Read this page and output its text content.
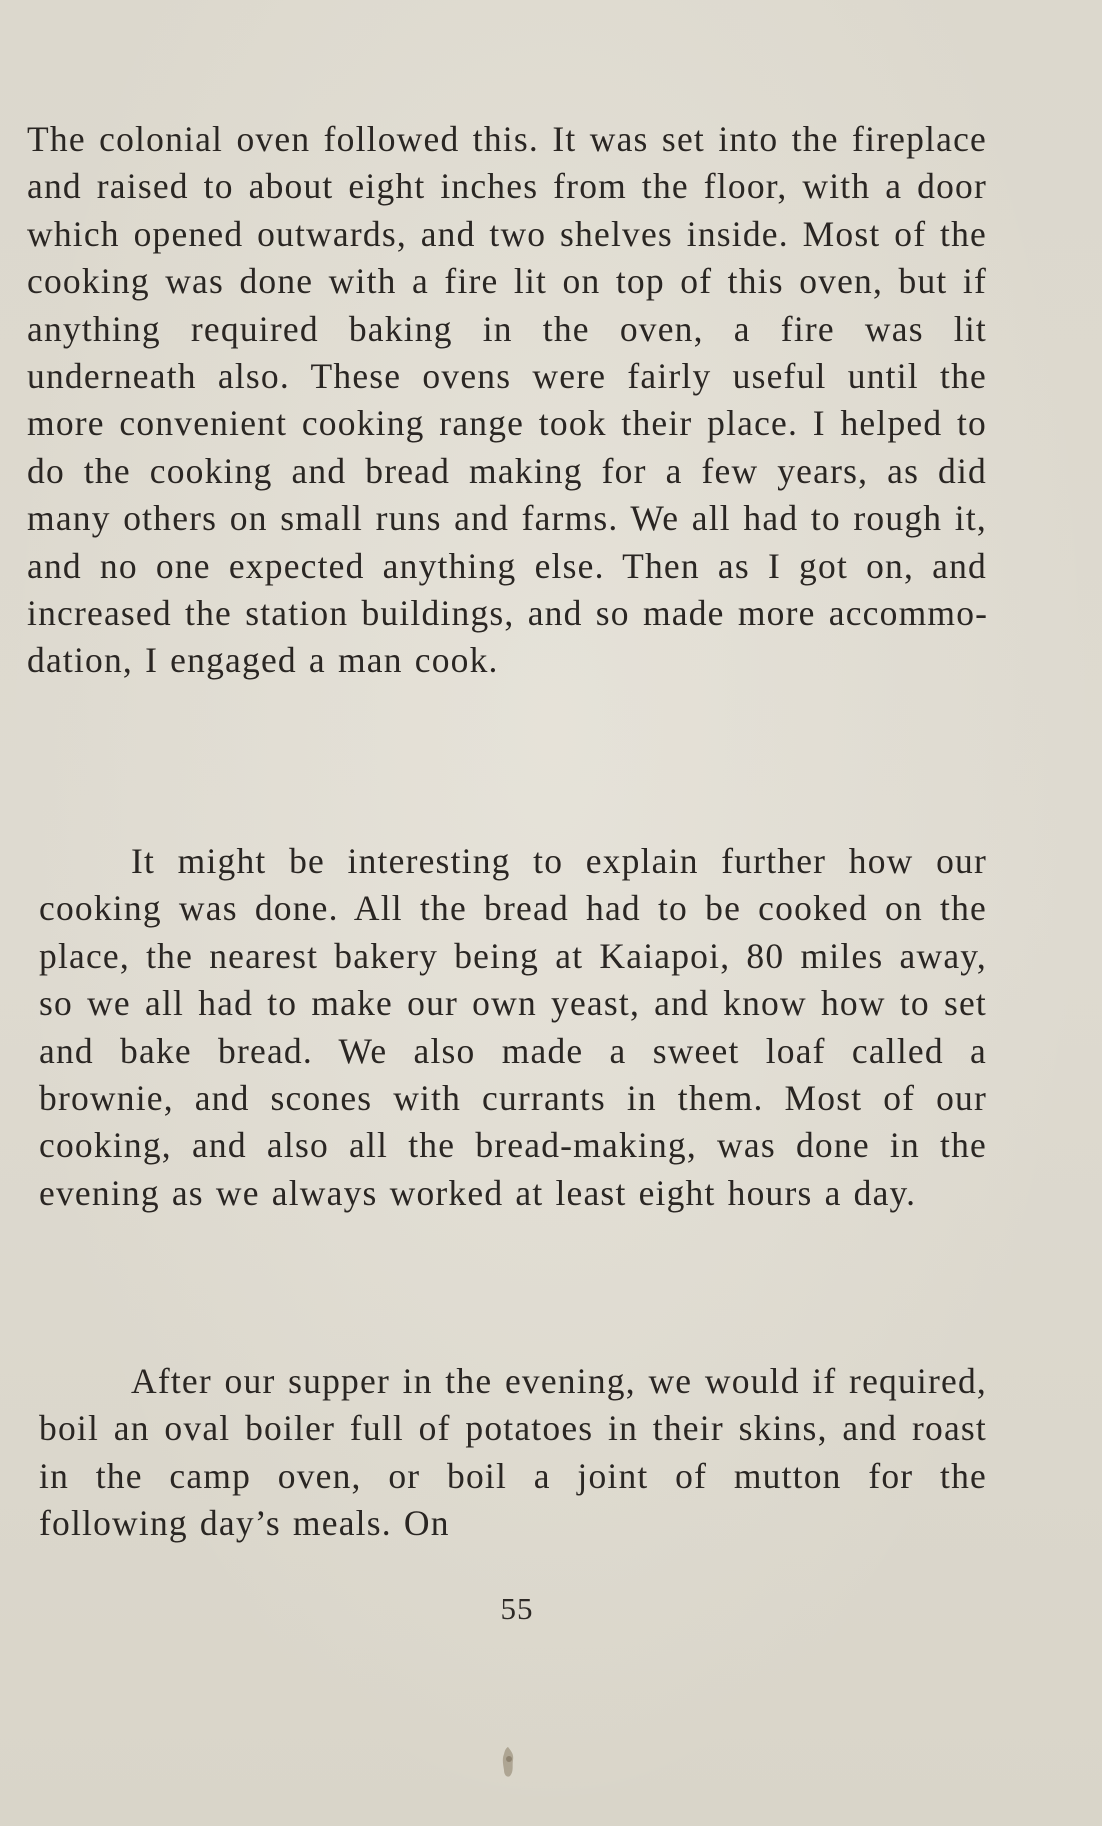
The colonial oven followed this. It was set into the fireplace and raised to about eight inches from the floor, with a door which opened outwards, and two shelves inside. Most of the cooking was done with a fire lit on top of this oven, but if anything required baking in the oven, a fire was lit underneath also. These ovens were fairly useful until the more convenient cooking range took their place. I helped to do the cooking and bread making for a few years, as did many others on small runs and farms. We all had to rough it, and no one expected anything else. Then as I got on, and increased the station buildings, and so made more accommodation, I engaged a man cook.

It might be interesting to explain further how our cooking was done. All the bread had to be cooked on the place, the nearest bakery being at Kaiapoi, 80 miles away, so we all had to make our own yeast, and know how to set and bake bread. We also made a sweet loaf called a brownie, and scones with currants in them. Most of our cooking, and also all the bread-making, was done in the evening as we always worked at least eight hours a day.

After our supper in the evening, we would if required, boil an oval boiler full of potatoes in their skins, and roast in the camp oven, or boil a joint of mutton for the following day’s meals. On

55
